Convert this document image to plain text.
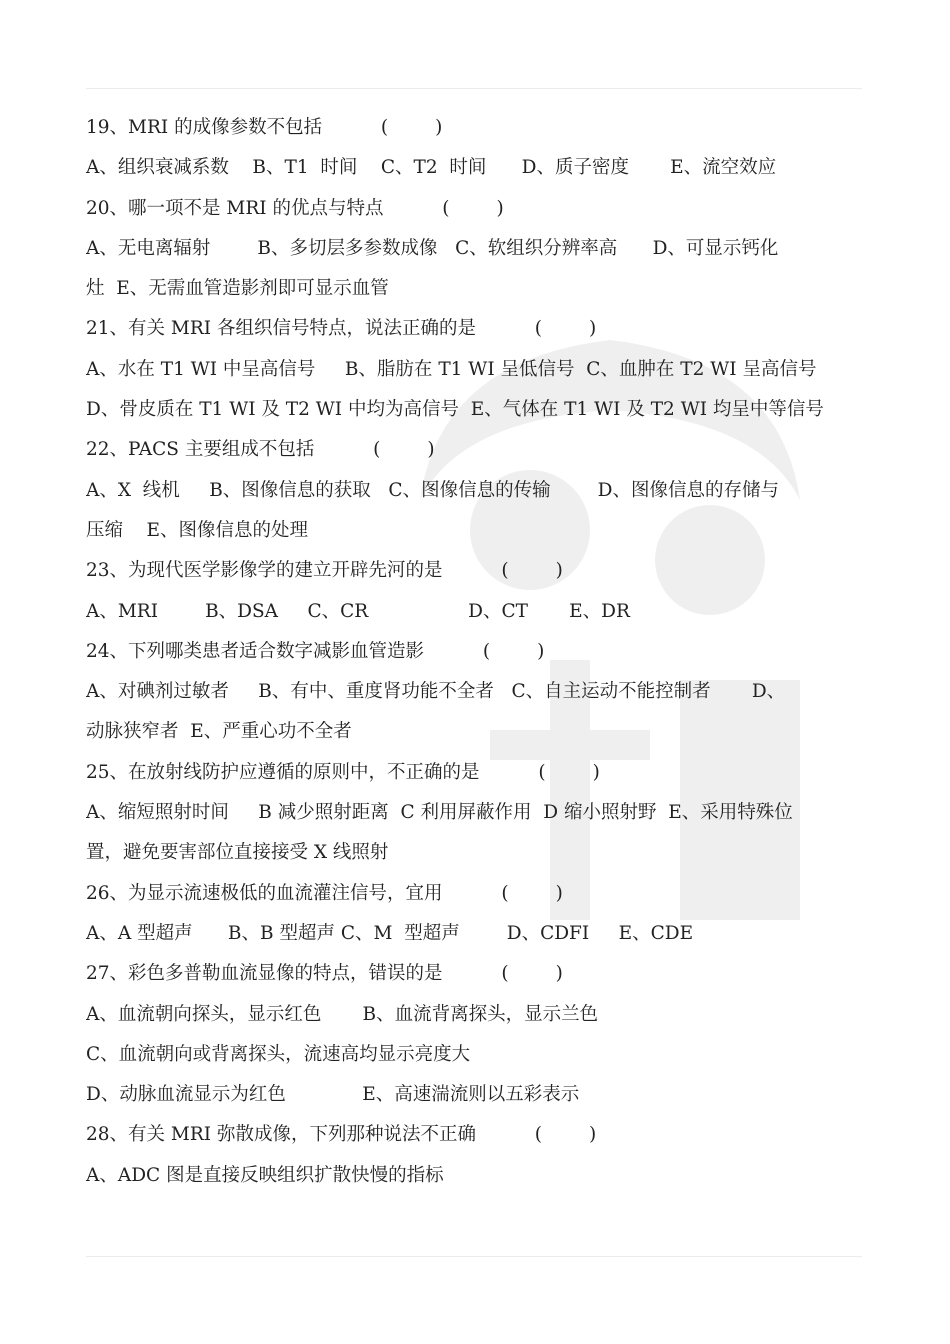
19、MRI 的成像参数不包括          (        )
A、组织衰减系数    B、T1  时间    C、T2  时间      D、质子密度       E、流空效应
20、哪一项不是 MRI 的优点与特点          (        )
A、无电离辐射        B、多切层多参数成像   C、软组织分辨率高      D、可显示钙化
灶  E、无需血管造影剂即可显示血管
21、有关 MRI 各组织信号特点，说法正确的是          (        )
A、水在 T1 WI 中呈高信号     B、脂肪在 T1 WI 呈低信号  C、血肿在 T2 WI 呈高信号
D、骨皮质在 T1 WI 及 T2 WI 中均为高信号  E、气体在 T1 WI 及 T2 WI 均呈中等信号
22、PACS 主要组成不包括          (        )
A、X  线机     B、图像信息的获取   C、图像信息的传输        D、图像信息的存储与
压缩    E、图像信息的处理
23、为现代医学影像学的建立开辟先河的是          (        )
A、MRI        B、DSA     C、CR                 D、CT       E、DR
24、下列哪类患者适合数字减影血管造影          (        )
A、对碘剂过敏者     B、有中、重度肾功能不全者   C、自主运动不能控制者       D、
动脉狭窄者  E、严重心功不全者
25、在放射线防护应遵循的原则中，不正确的是          (        )
A、缩短照射时间     B 减少照射距离  C 利用屏蔽作用  D 缩小照射野  E、采用特殊位
置，避免要害部位直接接受 X 线照射
26、为显示流速极低的血流灌注信号，宜用          (        )
A、A 型超声      B、B 型超声 C、M  型超声        D、CDFI     E、CDE
27、彩色多普勒血流显像的特点，错误的是          (        )
A、血流朝向探头，显示红色       B、血流背离探头，显示兰色
C、血流朝向或背离探头，流速高均显示亮度大
D、动脉血流显示为红色             E、高速湍流则以五彩表示
28、有关 MRI 弥散成像，下列那种说法不正确          (        )
A、ADC 图是直接反映组织扩散快慢的指标
